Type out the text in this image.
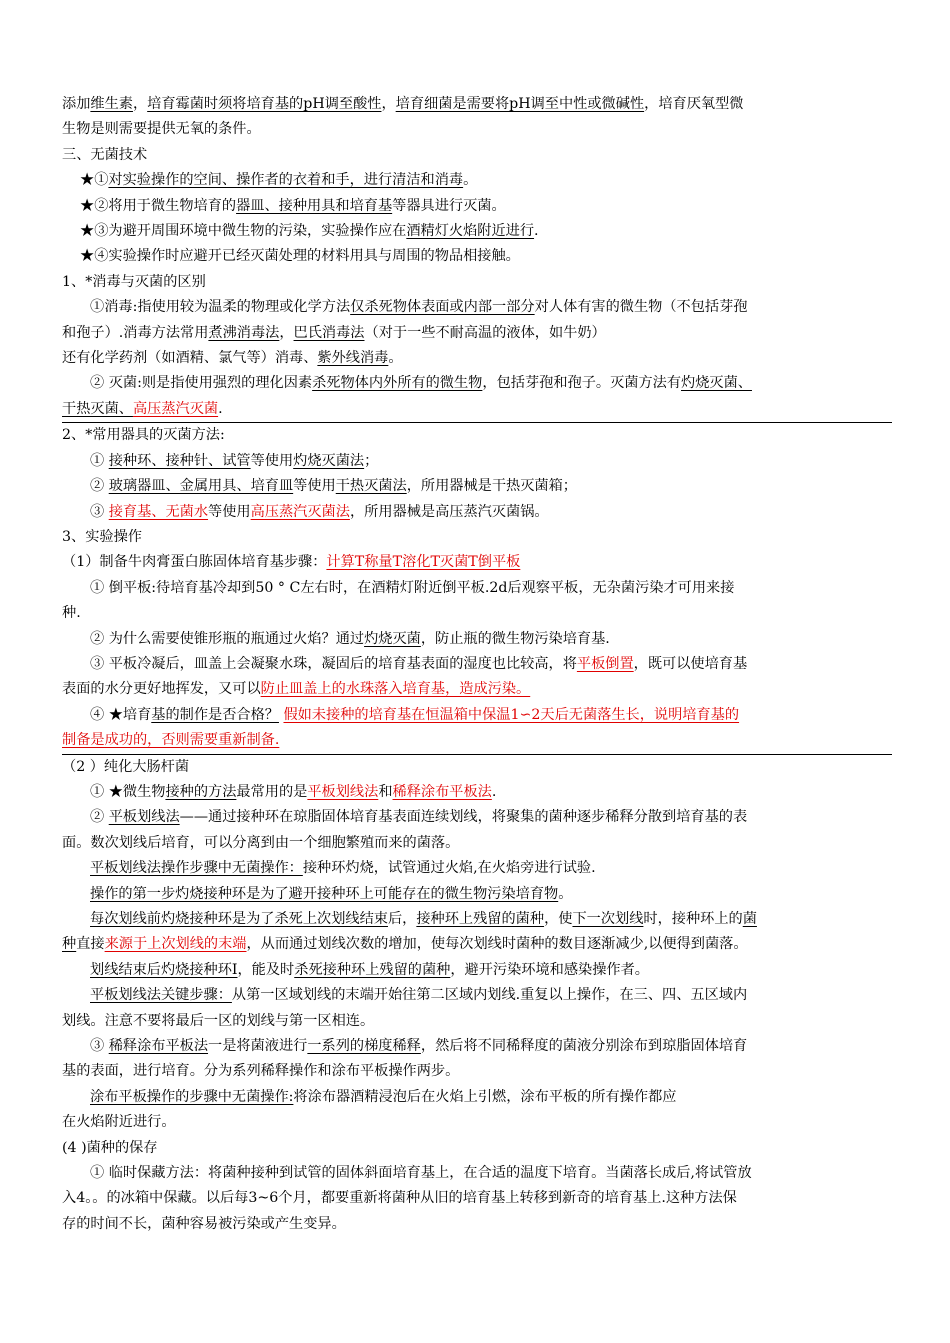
添加维生素，培育霉菌时须将培育基的pH调至酸性，培育细菌是需要将pH调至中性或微碱性，培育厌氧型微

生物是则需要提供无氧的条件。

三、无菌技术

★①对实验操作的空间、操作者的衣着和手，进行清洁和消毒。

★②将用于微生物培育的器皿、接种用具和培育基等器具进行灭菌。

★③为避开周围环境中微生物的污染，实验操作应在酒精灯火焰附近进行.

★④实验操作时应避开已经灭菌处理的材料用具与周围的物品相接触。

1、*消毒与灭菌的区别

①消毒:指使用较为温柔的物理或化学方法仅杀死物体表面或内部一部分对人体有害的微生物（不包括芽孢

和孢子）.消毒方法常用煮沸消毒法，巴氏消毒法（对于一些不耐高温的液体，如牛奶）

还有化学药剂（如酒精、氯气等）消毒、紫外线消毒。

② 灭菌:则是指使用强烈的理化因素杀死物体内外所有的微生物，包括芽孢和孢子。灭菌方法有灼烧灭菌、

干热灭菌、高压蒸汽灭菌.

2、*常用器具的灭菌方法:

① 接种环、接种针、试管等使用灼烧灭菌法；

② 玻璃器皿、金属用具、培育皿等使用干热灭菌法，所用器械是干热灭菌箱；

③ 接育基、无菌水等使用高压蒸汽灭菌法，所用器械是高压蒸汽灭菌锅。

3、实验操作

（1）制备牛肉膏蛋白胨固体培育基步骤：计算T称量T溶化T灭菌T倒平板

① 倒平板:待培育基冷却到50 ° C左右时，在酒精灯附近倒平板.2d后观察平板，无杂菌污染才可用来接

种.

② 为什么需要使锥形瓶的瓶通过火焰？通过灼烧灭菌，防止瓶的微生物污染培育基.

③ 平板冷凝后，皿盖上会凝聚水珠，凝固后的培育基表面的湿度也比较高，将平板倒置，既可以使培育基

表面的水分更好地挥发，又可以防止皿盖上的水珠落入培育基，造成污染。

④ ★培育基的制作是否合格？ 假如未接种的培育基在恒温箱中保温1∽2天后无菌落生长，说明培育基的

制备是成功的，否则需要重新制备.

（2 ）纯化大肠杆菌

① ★微生物接种的方法最常用的是平板划线法和稀释涂布平板法.

② 平板划线法——通过接种环在琼脂固体培育基表面连续划线，将聚集的菌种逐步稀释分散到培育基的表

面。数次划线后培育，可以分离到由一个细胞繁殖而来的菌落。

平板划线法操作步骤中无菌操作：接种环灼烧，试管通过火焰,在火焰旁进行试验.

操作的第一步灼烧接种环是为了避开接种环上可能存在的微生物污染培育物。

每次划线前灼烧接种环是为了杀死上次划线结束后，接种环上残留的菌种，使下一次划线时，接种环上的菌

种直接来源于上次划线的末端，从而通过划线次数的增加，使每次划线时菌种的数目逐渐减少,以便得到菌落。

划线结束后灼烧接种环I，能及时杀死接种环上残留的菌种，避开污染环境和感染操作者。

平板划线法关键步骤：从第一区域划线的末端开始往第二区域内划线.重复以上操作，在三、四、五区域内

划线。注意不要将最后一区的划线与第一区相连。

③ 稀释涂布平板法一是将菌液进行一系列的梯度稀释，然后将不同稀释度的菌液分别涂布到琼脂固体培育

基的表面，进行培育。分为系列稀释操作和涂布平板操作两步。

涂布平板操作的步骤中无菌操作:将涂布器酒精浸泡后在火焰上引燃，涂布平板的所有操作都应

在火焰附近进行。

(4 )菌种的保存

① 临时保藏方法：将菌种接种到试管的固体斜面培育基上，在合适的温度下培育。当菌落长成后,将试管放

入4。。的冰箱中保藏。以后每3~6个月，都要重新将菌种从旧的培育基上转移到新奇的培育基上.这种方法保

存的时间不长，菌种容易被污染或产生变异。
